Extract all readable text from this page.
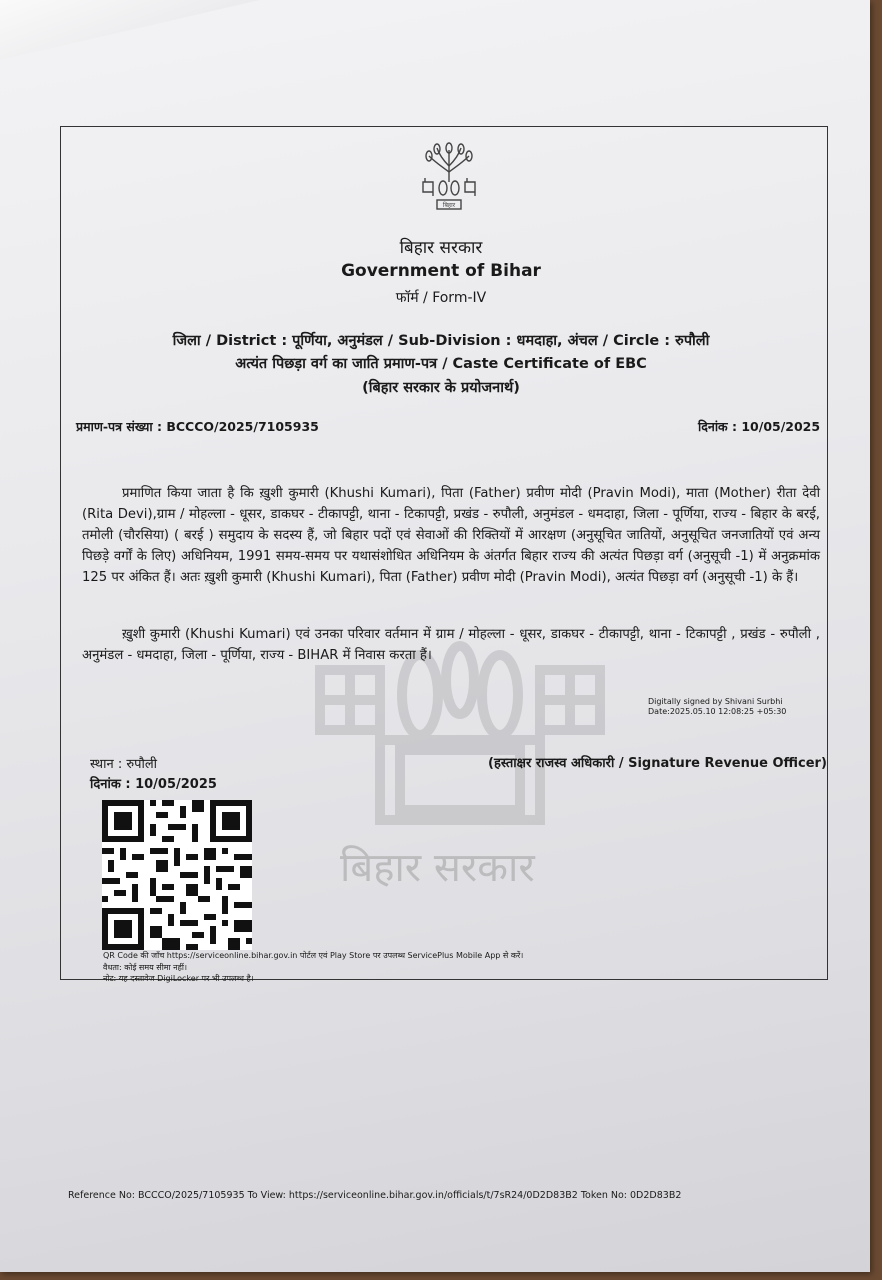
बिहार
बिहार सरकार
बिहार सरकार
Government of Bihar
फॉर्म / Form-IV
जिला / District : पूर्णिया, अनुमंडल / Sub-Division : धमदाहा, अंचल / Circle : रुपौली
अत्यंत पिछड़ा वर्ग का जाति प्रमाण-पत्र / Caste Certificate of EBC
(बिहार सरकार के प्रयोजनार्थ)
प्रमाण-पत्र संख्या : BCCCO/2025/7105935	दिनांक : 10/05/2025
प्रमाणित किया जाता है कि ख़ुशी कुमारी (Khushi Kumari), पिता (Father) प्रवीण मोदी (Pravin Modi), माता (Mother) रीता देवी (Rita Devi),ग्राम / मोहल्ला - धूसर, डाकघर - टीकापट्टी, थाना - टिकापट्टी, प्रखंड - रुपौली, अनुमंडल - धमदाहा, जिला - पूर्णिया, राज्य - बिहार के बरई, तमोली (चौरसिया) ( बरई ) समुदाय के सदस्य हैं, जो बिहार पदों एवं सेवाओं की रिक्तियों में आरक्षण (अनुसूचित जातियों, अनुसूचित जनजातियों एवं अन्य पिछड़े वर्गों के लिए) अधिनियम, 1991 समय-समय पर यथासंशोधित अधिनियम के अंतर्गत बिहार राज्य की अत्यंत पिछड़ा वर्ग (अनुसूची -1) में अनुक्रमांक 125 पर अंकित हैं। अतः ख़ुशी कुमारी (Khushi Kumari), पिता (Father) प्रवीण मोदी (Pravin Modi), अत्यंत पिछड़ा वर्ग (अनुसूची -1) के हैं।
ख़ुशी कुमारी (Khushi Kumari) एवं उनका परिवार वर्तमान में ग्राम / मोहल्ला - धूसर, डाकघर - टीकापट्टी, थाना - टिकापट्टी , प्रखंड - रुपौली , अनुमंडल - धमदाहा, जिला - पूर्णिया, राज्य - BIHAR में निवास करता हैं।
Digitally signed by Shivani Surbhi
Date:2025.05.10 12:08:25 +05:30
स्थान : रुपौली
दिनांक : 10/05/2025
(हस्ताक्षर राजस्व अधिकारी / Signature Revenue Officer)
QR Code की जाँच https://serviceonline.bihar.gov.in पोर्टल एवं Play Store पर उपलब्ध ServicePlus Mobile App से करें।
वैधता: कोई समय सीमा नहीं।
नोट: यह दस्तावेज DigiLocker पर भी उपलब्ध है।
Reference No: BCCCO/2025/7105935 To View: https://serviceonline.bihar.gov.in/officials/t/7sR24/0D2D83B2 Token No: 0D2D83B2
